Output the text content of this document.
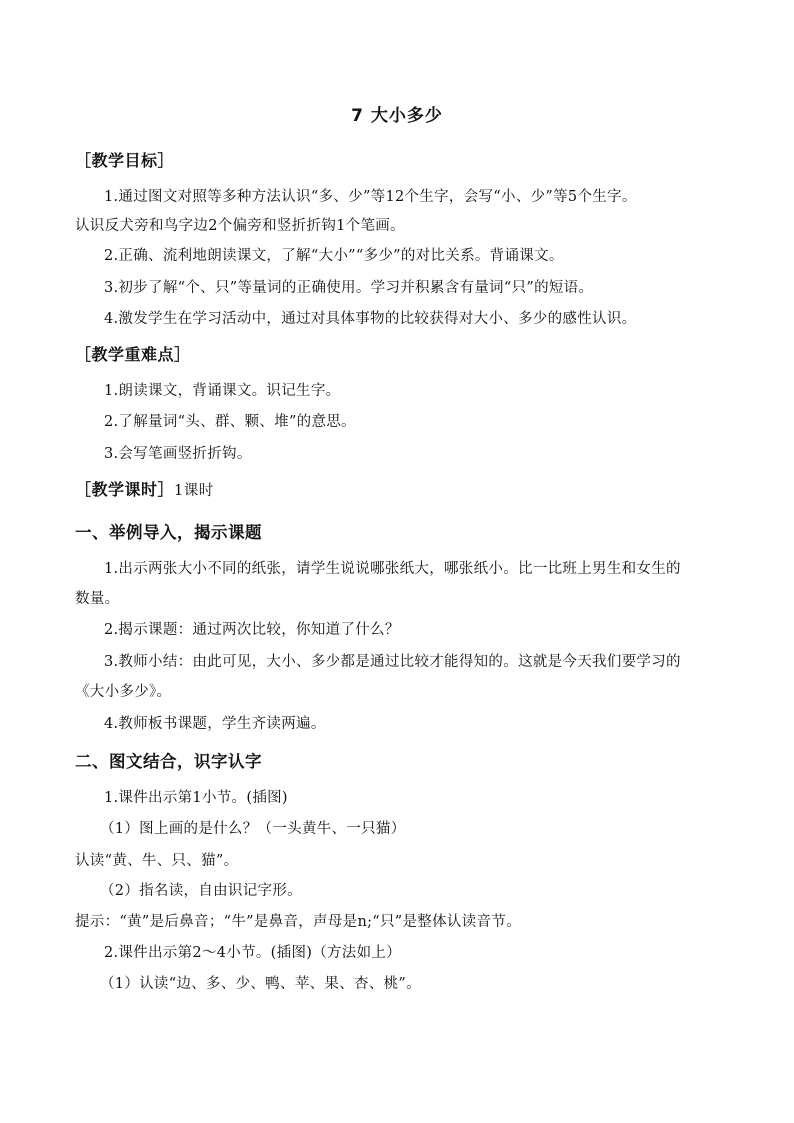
7 大小多少
［教学目标］
1.通过图文对照等多种方法认识“多、少”等12个生字，会写“小、少”等5个生字。
认识反犬旁和鸟字边2个偏旁和竖折折钩1个笔画。
2.正确、流利地朗读课文，了解“大小”“多少”的对比关系。背诵课文。
3.初步了解“个、只”等量词的正确使用。学习并积累含有量词“只”的短语。
4.激发学生在学习活动中，通过对具体事物的比较获得对大小、多少的感性认识。
［教学重难点］
1.朗读课文，背诵课文。识记生字。
2.了解量词“头、群、颗、堆”的意思。
3.会写笔画竖折折钩。
［教学课时］1课时
一、举例导入，揭示课题
1.出示两张大小不同的纸张，请学生说说哪张纸大，哪张纸小。比一比班上男生和女生的
数量。
2.揭示课题：通过两次比较，你知道了什么？
3.教师小结：由此可见，大小、多少都是通过比较才能得知的。这就是今天我们要学习的
《大小多少》。
4.教师板书课题，学生齐读两遍。
二、图文结合，识字认字
1.课件出示第1小节。(插图)
（1）图上画的是什么？（一头黄牛、一只猫）
认读“黄、牛、只、猫”。
（2）指名读，自由识记字形。
提示：“黄”是后鼻音；“牛”是鼻音，声母是n;“只”是整体认读音节。
2.课件出示第2～4小节。(插图)（方法如上）
（1）认读“边、多、少、鸭、苹、果、杏、桃”。
